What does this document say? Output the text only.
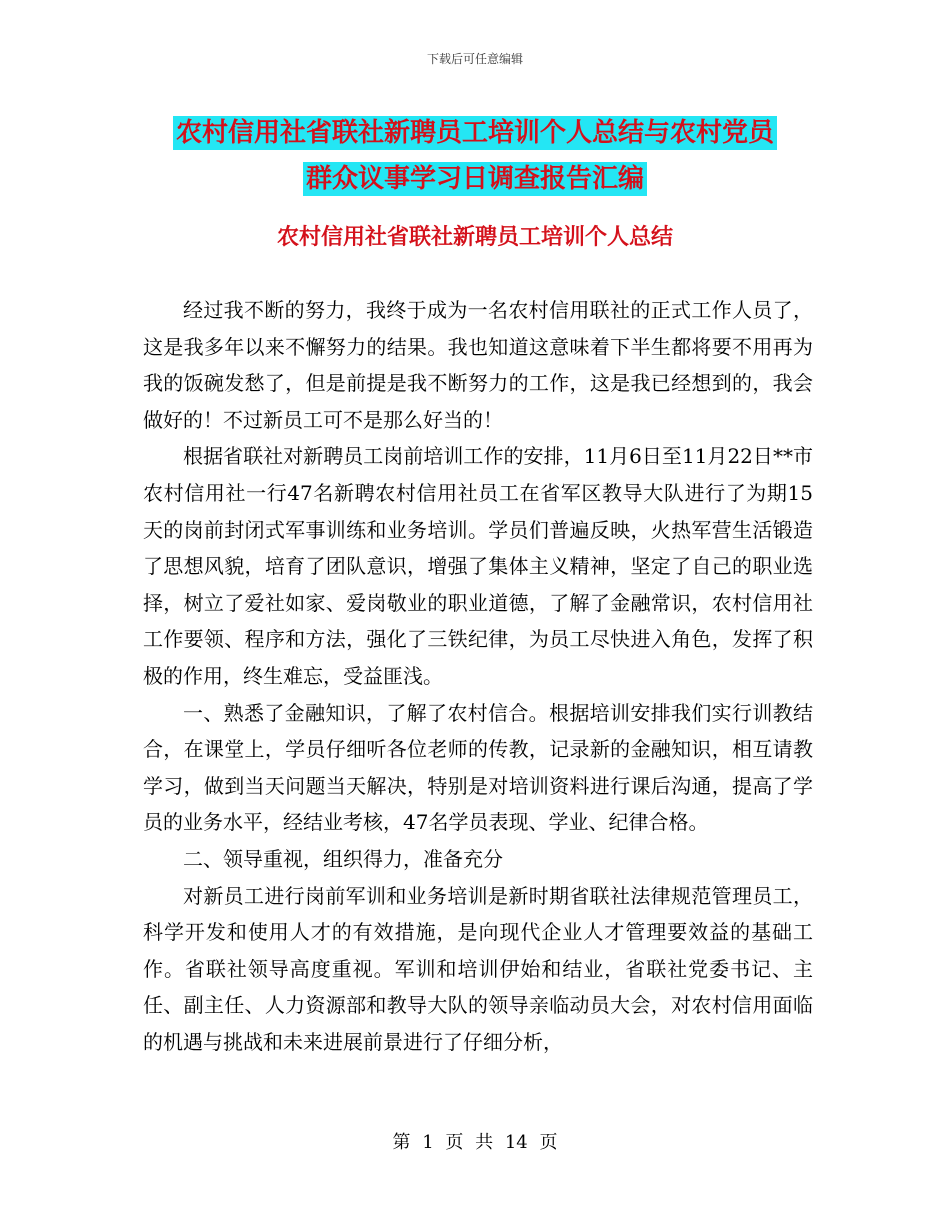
下载后可任意编辑
农村信用社省联社新聘员工培训个人总结与农村党员
群众议事学习日调查报告汇编
农村信用社省联社新聘员工培训个人总结

经过我不断的努力，我终于成为一名农村信用联社的正式工作人员了，这是我多年以来不懈努力的结果。我也知道这意味着下半生都将要不用再为我的饭碗发愁了，但是前提是我不断努力的工作，这是我已经想到的，我会做好的！不过新员工可不是那么好当的！

根据省联社对新聘员工岗前培训工作的安排，11月6日至11月22日**市农村信用社一行47名新聘农村信用社员工在省军区教导大队进行了为期15天的岗前封闭式军事训练和业务培训。学员们普遍反映，火热军营生活锻造了思想风貌，培育了团队意识，增强了集体主义精神，坚定了自己的职业选择，树立了爱社如家、爱岗敬业的职业道德，了解了金融常识，农村信用社工作要领、程序和方法，强化了三铁纪律，为员工尽快进入角色，发挥了积极的作用，终生难忘，受益匪浅。

一、熟悉了金融知识，了解了农村信合。根据培训安排我们实行训教结合，在课堂上，学员仔细听各位老师的传教，记录新的金融知识，相互请教学习，做到当天问题当天解决，特别是对培训资料进行课后沟通，提高了学员的业务水平，经结业考核，47名学员表现、学业、纪律合格。

二、领导重视，组织得力，准备充分

对新员工进行岗前军训和业务培训是新时期省联社法律规范管理员工，科学开发和使用人才的有效措施，是向现代企业人才管理要效益的基础工作。省联社领导高度重视。军训和培训伊始和结业，省联社党委书记、主任、副主任、人力资源部和教导大队的领导亲临动员大会，对农村信用面临的机遇与挑战和未来进展前景进行了仔细分析，

第 1 页 共 14 页
